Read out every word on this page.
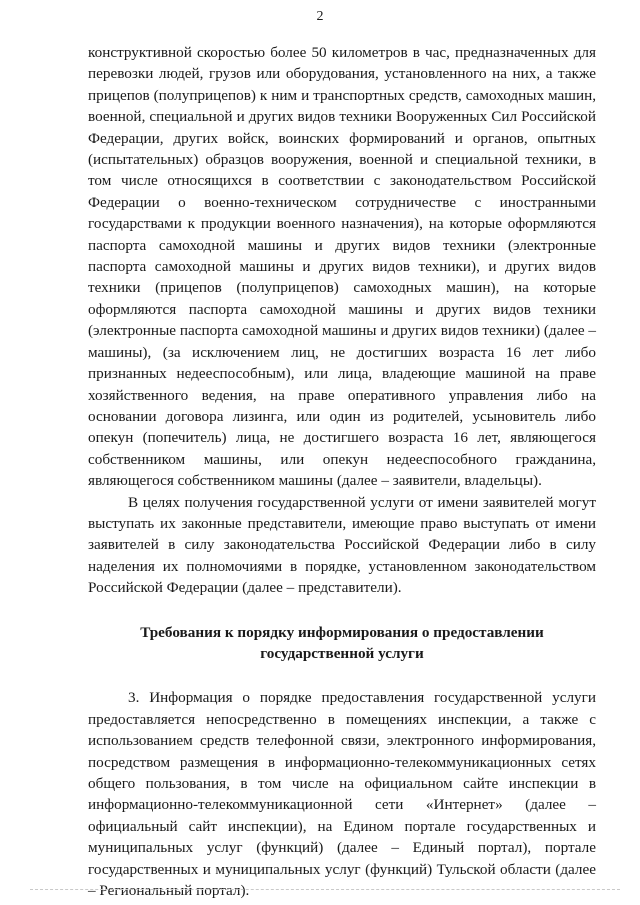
2

конструктивной скоростью более 50 километров в час, предназначенных для перевозки людей, грузов или оборудования, установленного на них, а также прицепов (полуприцепов) к ним и транспортных средств, самоходных машин, военной, специальной и других видов техники Вооруженных Сил Российской Федерации, других войск, воинских формирований и органов, опытных (испытательных) образцов вооружения, военной и специальной техники, в том числе относящихся в соответствии с законодательством Российской Федерации о военно-техническом сотрудничестве с иностранными государствами к продукции военного назначения), на которые оформляются паспорта самоходной машины и других видов техники (электронные паспорта самоходной машины и других видов техники), и других видов техники (прицепов (полуприцепов) самоходных машин), на которые оформляются паспорта самоходной машины и других видов техники (электронные паспорта самоходной машины и других видов техники) (далее – машины), (за исключением лиц, не достигших возраста 16 лет либо признанных недееспособным), или лица, владеющие машиной на праве хозяйственного ведения, на праве оперативного управления либо на основании договора лизинга, или один из родителей, усыновитель либо опекун (попечитель) лица, не достигшего возраста 16 лет, являющегося собственником машины, или опекун недееспособного гражданина, являющегося собственником машины (далее – заявители, владельцы).

В целях получения государственной услуги от имени заявителей могут выступать их законные представители, имеющие право выступать от имени заявителей в силу законодательства Российской Федерации либо в силу наделения их полномочиями в порядке, установленном законодательством Российской Федерации (далее – представители).

Требования к порядку информирования о предоставлении

государственной услуги

3. Информация о порядке предоставления государственной услуги предоставляется непосредственно в помещениях инспекции, а также с использованием средств телефонной связи, электронного информирования, посредством размещения в информационно-телекоммуникационных сетях общего пользования, в том числе на официальном сайте инспекции в информационно-телекоммуникационной сети «Интернет» (далее – официальный сайт инспекции), на Едином портале государственных и муниципальных услуг (функций) (далее – Единый портал), портале государственных и муниципальных услуг (функций) Тульской области (далее – Региональный портал).
